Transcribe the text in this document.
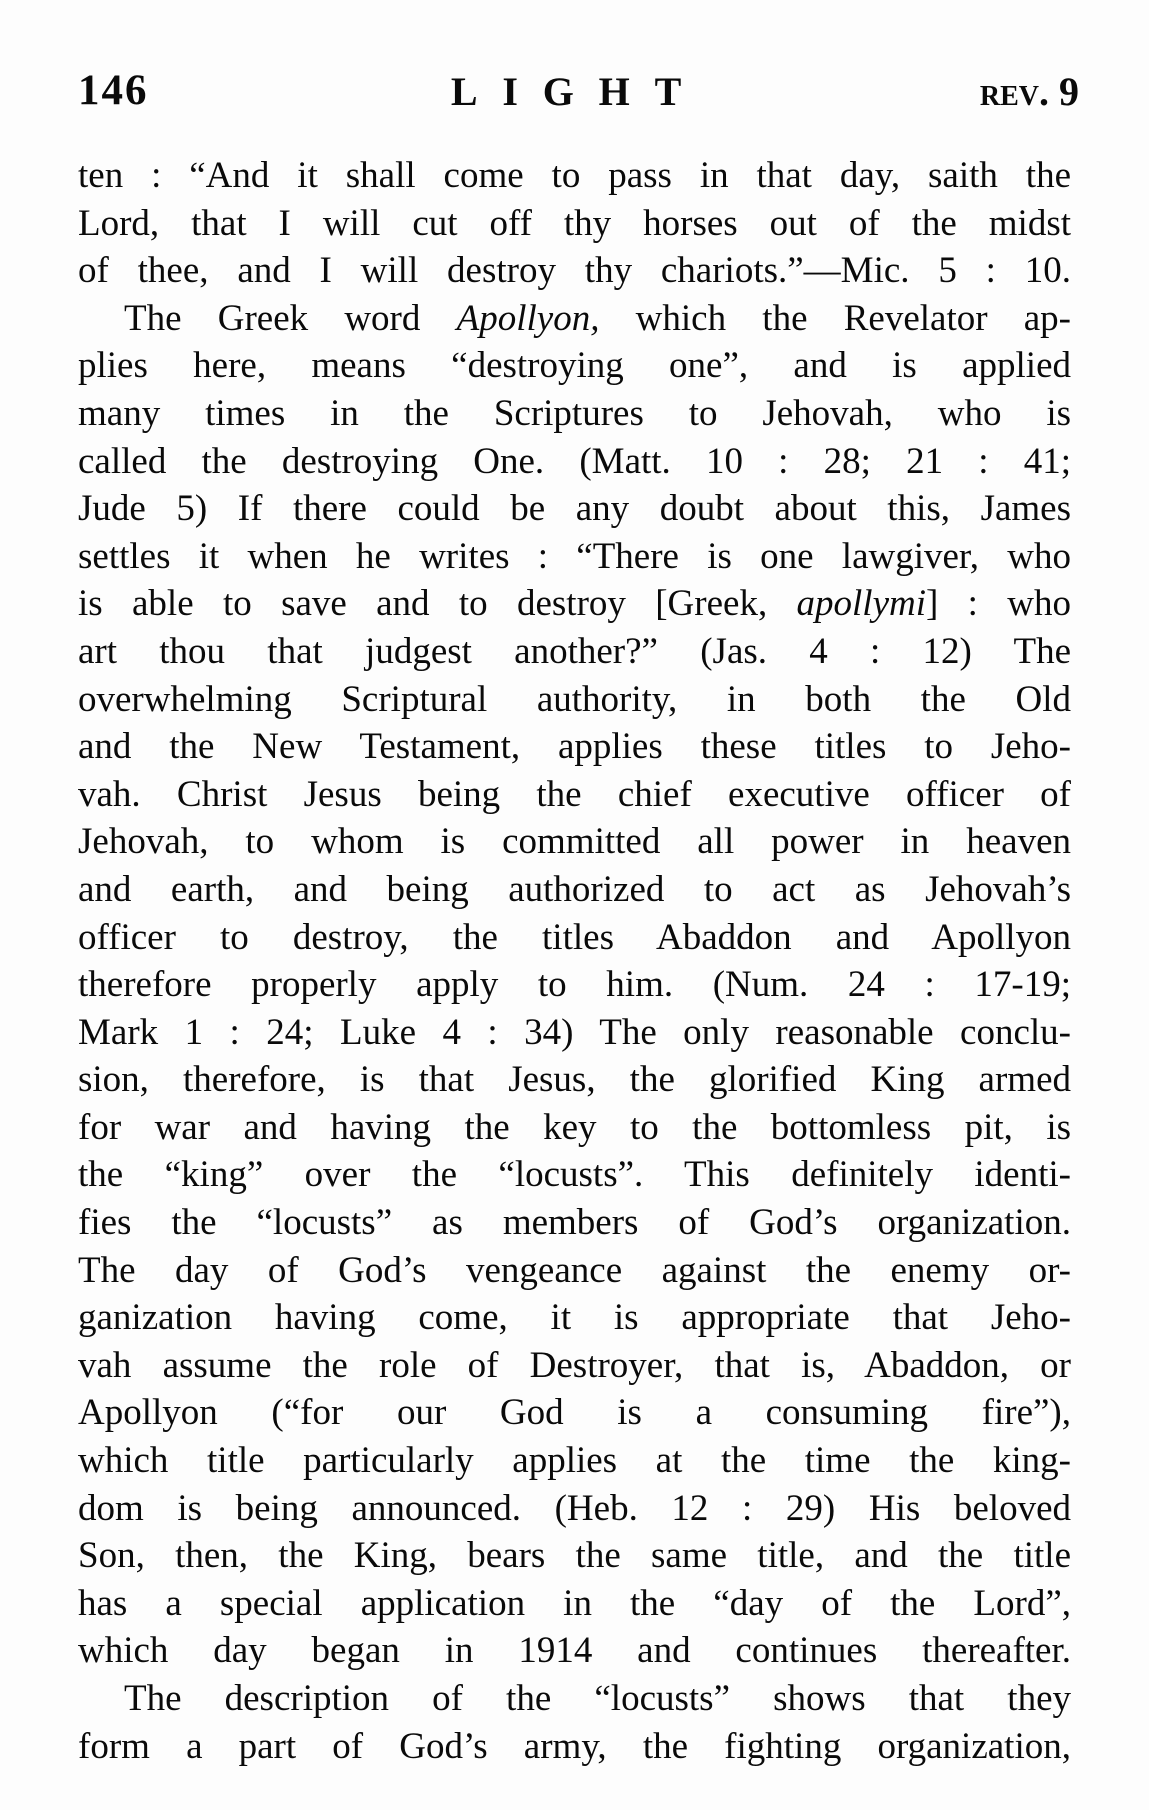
146	LIGHT	rev. 9
ten : “And it shall come to pass in that day, saith the
Lord, that I will cut off thy horses out of the midst
of thee, and I will destroy thy chariots.”—Mic. 5 : 10.
The Greek word Apollyon, which the Revelator ap-
plies here, means “destroying one”, and is applied
many times in the Scriptures to Jehovah, who is
called the destroying One. (Matt. 10 : 28; 21 : 41;
Jude 5) If there could be any doubt about this, James
settles it when he writes : “There is one lawgiver, who
is able to save and to destroy [Greek, apollymi] : who
art thou that judgest another?” (Jas. 4 : 12) The
overwhelming Scriptural authority, in both the Old
and the New Testament, applies these titles to Jeho-
vah. Christ Jesus being the chief executive officer of
Jehovah, to whom is committed all power in heaven
and earth, and being authorized to act as Jehovah’s
officer to destroy, the titles Abaddon and Apollyon
therefore properly apply to him. (Num. 24 : 17-19;
Mark 1 : 24; Luke 4 : 34) The only reasonable conclu-
sion, therefore, is that Jesus, the glorified King armed
for war and having the key to the bottomless pit, is
the “king” over the “locusts”. This definitely identi-
fies the “locusts” as members of God’s organization.
The day of God’s vengeance against the enemy or-
ganization having come, it is appropriate that Jeho-
vah assume the role of Destroyer, that is, Abaddon, or
Apollyon (“for our God is a consuming fire”),
which title particularly applies at the time the king-
dom is being announced. (Heb. 12 : 29) His beloved
Son, then, the King, bears the same title, and the title
has a special application in the “day of the Lord”,
which day began in 1914 and continues thereafter.
The description of the “locusts” shows that they
form a part of God’s army, the fighting organization,
